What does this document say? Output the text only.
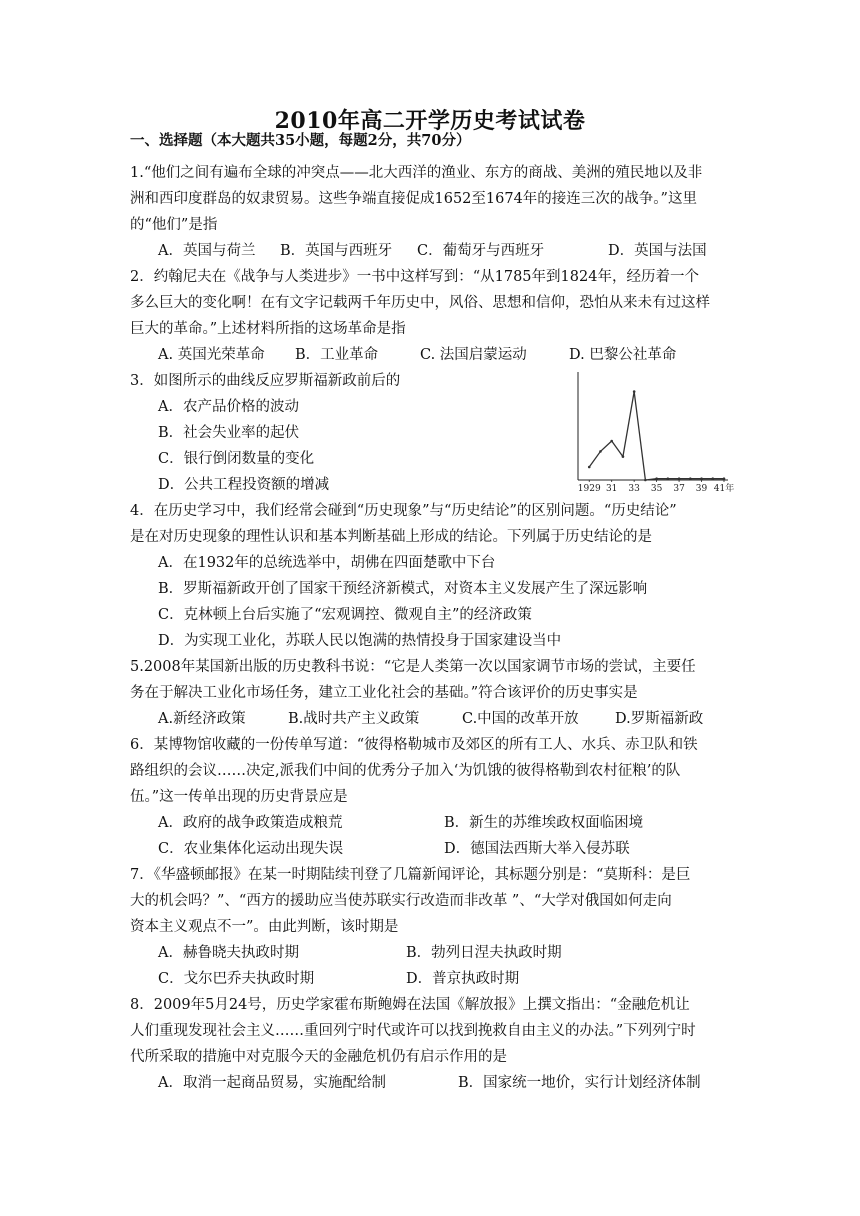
2010年高二开学历史考试试卷
一、选择题（本大题共35小题，每题2分，共70分）
1.“他们之间有遍布全球的冲突点——北大西洋的渔业、东方的商战、美洲的殖民地以及非
洲和西印度群岛的奴隶贸易。这些争端直接促成1652至1674年的接连三次的战争。”这里
的“他们”是指
A．英国与荷兰 B．英国与西班牙 C．葡萄牙与西班牙	D．英国与法国
2．约翰尼夫在《战争与人类进步》一书中这样写到：“从1785年到1824年，经历着一个
多么巨大的变化啊！在有文字记载两千年历史中，风俗、思想和信仰，恐怕从来未有过这样
巨大的革命。”上述材料所指的这场革命是指
A. 英国光荣革命 B．工业革命	C. 法国启蒙运动	D. 巴黎公社革命
3．如图所示的曲线反应罗斯福新政前后的
A．农产品价格的波动
B．社会失业率的起伏
C．银行倒闭数量的变化
D．公共工程投资额的增减	1929 31 33 35 37 39 41年
4．在历史学习中，我们经常会碰到“历史现象”与“历史结论”的区别问题。“历史结论”
是在对历史现象的理性认识和基本判断基础上形成的结论。下列属于历史结论的是
A．在1932年的总统选举中，胡佛在四面楚歌中下台
B．罗斯福新政开创了国家干预经济新模式，对资本主义发展产生了深远影响
C．克林顿上台后实施了“宏观调控、微观自主”的经济政策
D．为实现工业化，苏联人民以饱满的热情投身于国家建设当中
5.2008年某国新出版的历史教科书说：“它是人类第一次以国家调节市场的尝试，主要任
务在于解决工业化市场任务，建立工业化社会的基础。”符合该评价的历史事实是
A.新经济政策	B.战时共产主义政策	C.中国的改革开放	D.罗斯福新政
6．某博物馆收藏的一份传单写道：“彼得格勒城市及郊区的所有工人、水兵、赤卫队和铁
路组织的会议……决定,派我们中间的优秀分子加入‘为饥饿的彼得格勒到农村征粮’的队
伍。”这一传单出现的历史背景应是
A．政府的战争政策造成粮荒	B．新生的苏维埃政权面临困境
C．农业集体化运动出现失误	D．德国法西斯大举入侵苏联
7．《华盛顿邮报》在某一时期陆续刊登了几篇新闻评论，其标题分别是：“莫斯科：是巨
大的机会吗？”、“西方的援助应当使苏联实行改造而非改革 ”、“大学对俄国如何走向
资本主义观点不一”。由此判断，该时期是
A．赫鲁晓夫执政时期	B．勃列日涅夫执政时期
C．戈尔巴乔夫执政时期	D．普京执政时期
8．2009年5月24号，历史学家霍布斯鲍姆在法国《解放报》上撰文指出：“金融危机让
人们重现发现社会主义……重回列宁时代或许可以找到挽救自由主义的办法。”下列列宁时
代所采取的措施中对克服今天的金融危机仍有启示作用的是
A．取消一起商品贸易，实施配给制	B．国家统一地价，实行计划经济体制
